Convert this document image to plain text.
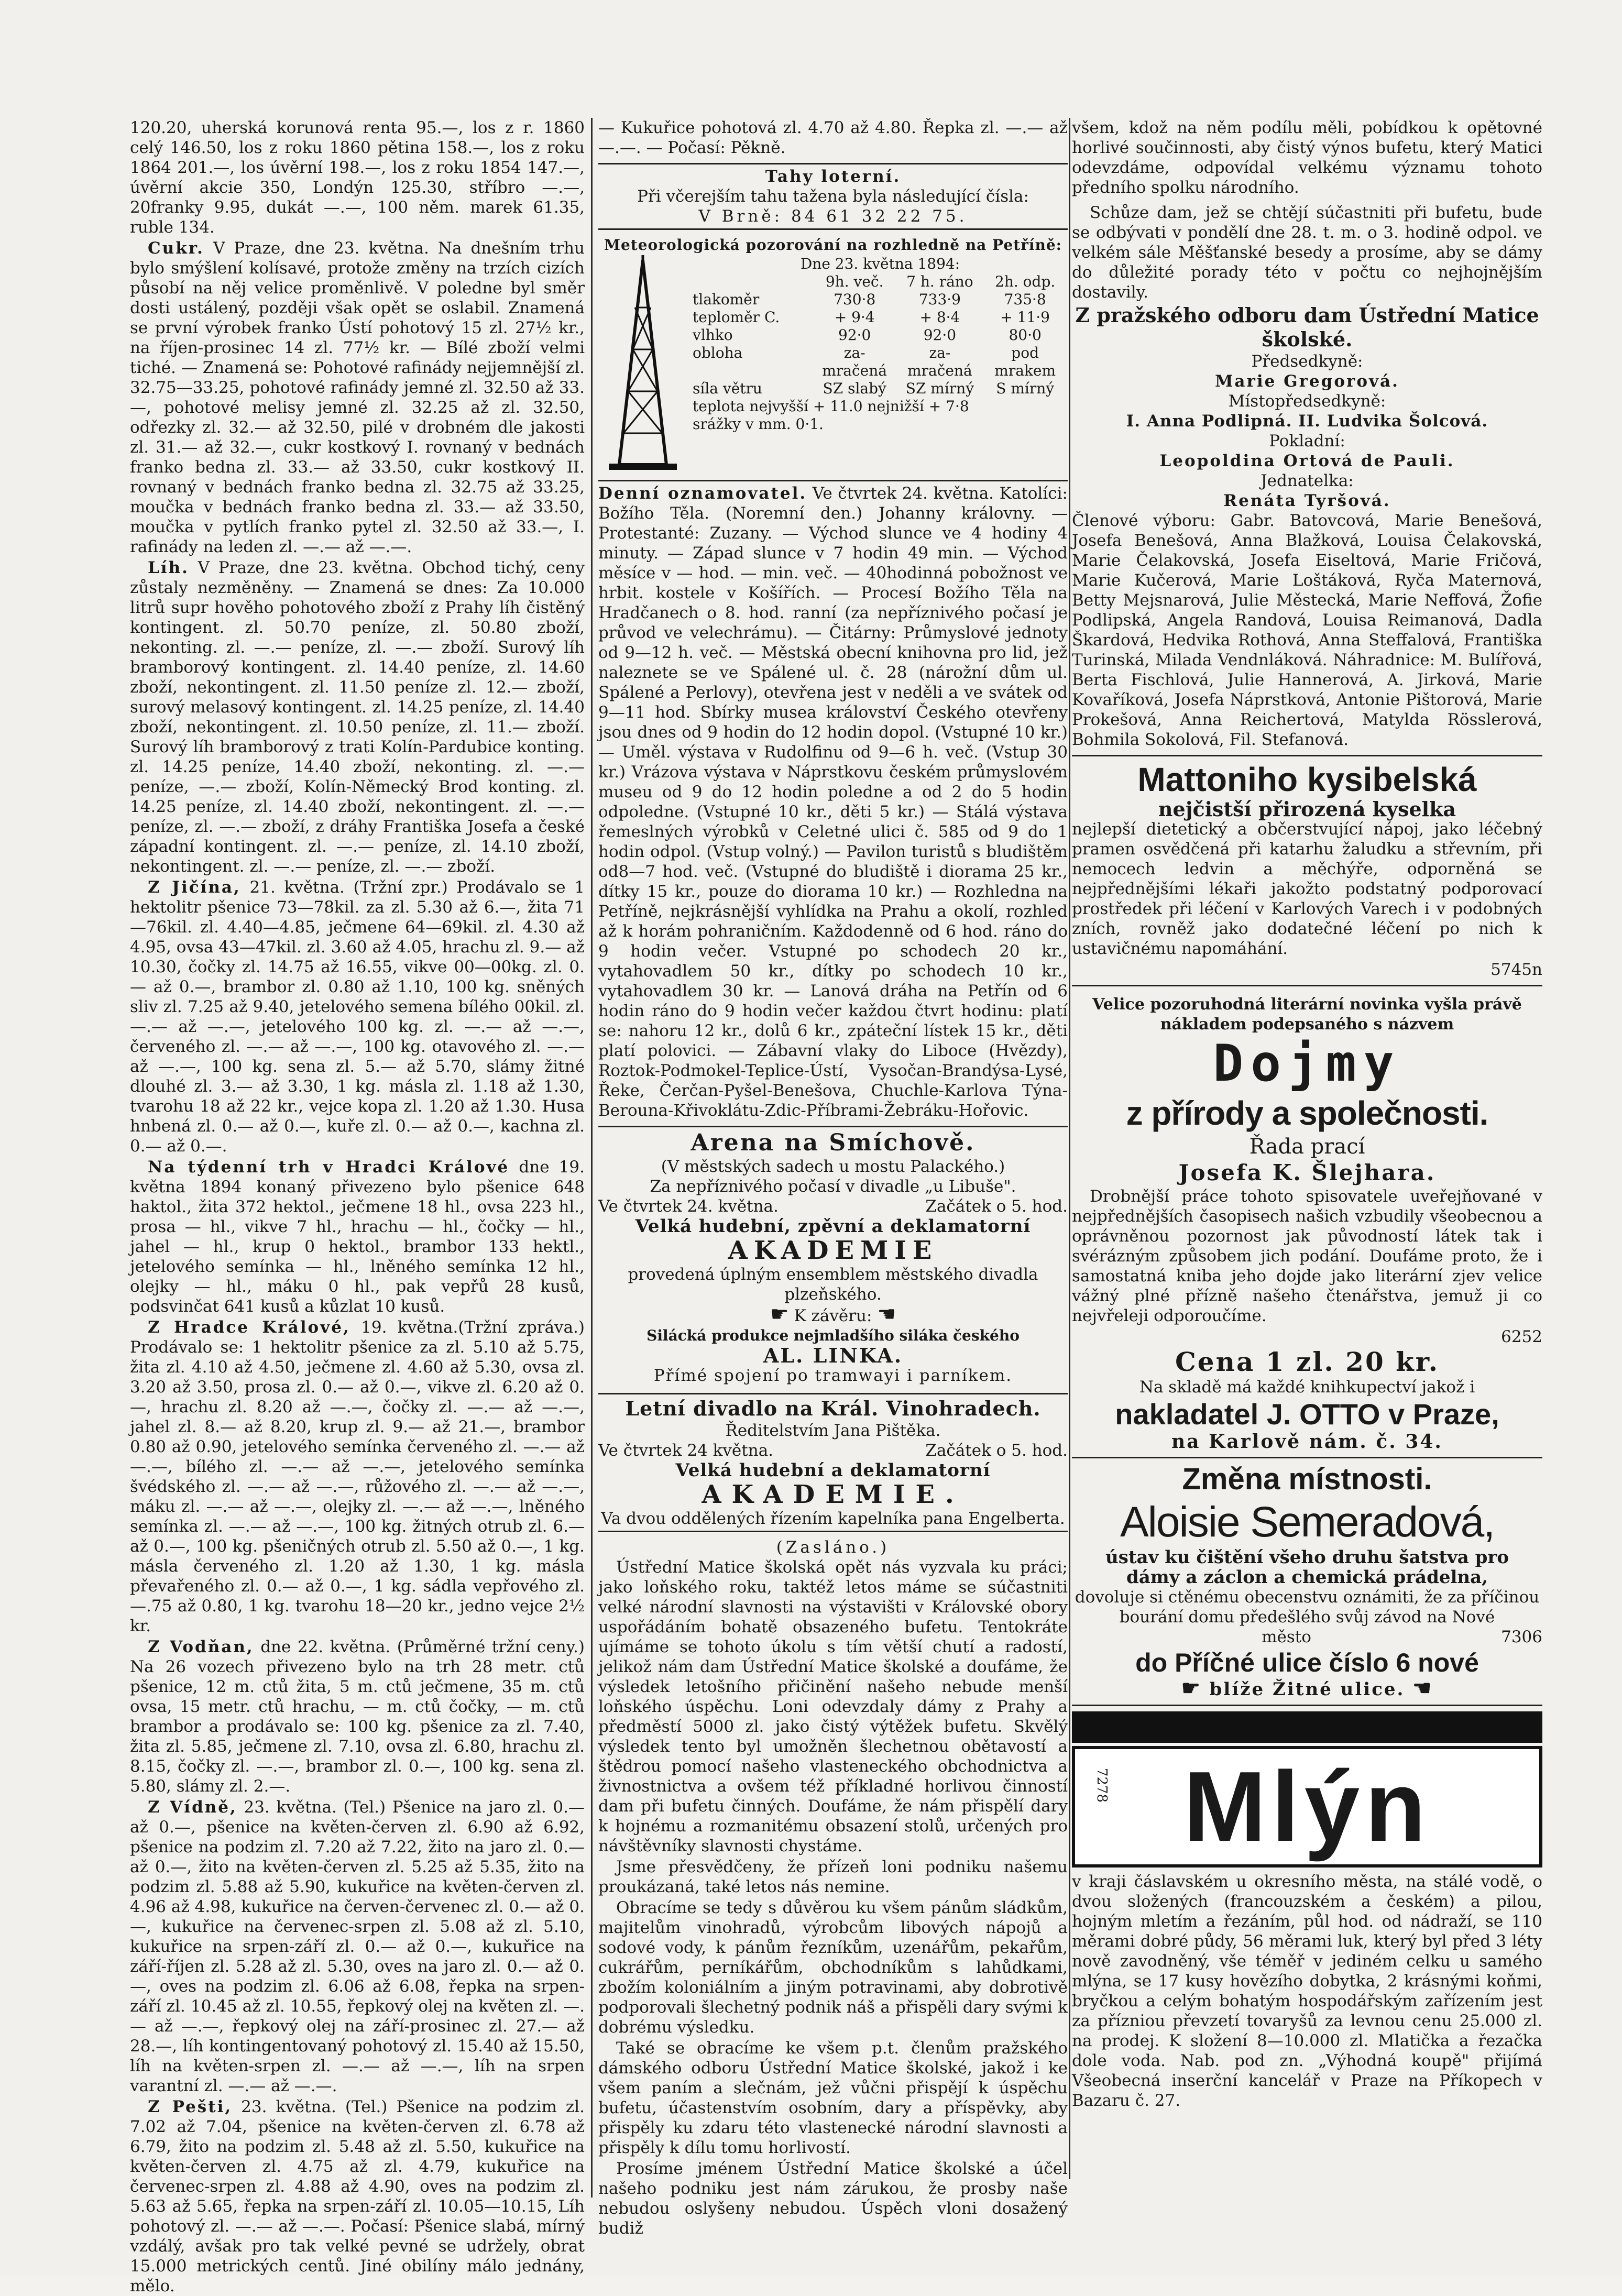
120.20, uherská korunová renta 95.—, los z r. 1860 celý 146.50, los z roku 1860 pětina 158.—, los z roku 1864 201.—, los úvěrní 198.—, los z roku 1854 147.—, úvěrní akcie 350, Londýn 125.30, stříbro —.—, 20franky 9.95, dukát —.—, 100 něm. marek 61.35, ruble 134.

Cukr. V Praze, dne 23. května. Na dnešním trhu bylo smýšlení kolísavé, protože změny na trzích cizích působí na něj velice proměnlivě. V poledne byl směr dosti ustálený, později však opět se oslabil. Znamená se první výrobek franko Ústí pohotový 15 zl. 27½ kr., na říjen-prosinec 14 zl. 77½ kr. — Bílé zboží velmi tiché. — Znamená se: Pohotové rafinády nejjemnější zl. 32.75—33.25, pohotové rafinády jemné zl. 32.50 až 33.—, pohotové melisy jemné zl. 32.25 až zl. 32.50, odřezky zl. 32.— až 32.50, pilé v drobném dle jakosti zl. 31.— až 32.—, cukr kostkový I. rovnaný v bednách franko bedna zl. 33.— až 33.50, cukr kostkový II. rovnaný v bednách franko bedna zl. 32.75 až 33.25, moučka v bednách franko bedna zl. 33.— až 33.50, moučka v pytlích franko pytel zl. 32.50 až 33.—, I. rafinády na leden zl. —.— až —.—.

Líh. V Praze, dne 23. května. Obchod tichý, ceny zůstaly nezměněny. — Znamená se dnes: Za 10.000 litrů supr hověho pohotového zboží z Prahy líh čistěný kontingent. zl. 50.70 peníze, zl. 50.80 zboží, nekonting. zl. —.— peníze, zl. —.— zboží. Surový líh bramborový kontingent. zl. 14.40 peníze, zl. 14.60 zboží, nekontingent. zl. 11.50 peníze zl. 12.— zboží, surový melasový kontingent. zl. 14.25 peníze, zl. 14.40 zboží, nekontingent. zl. 10.50 peníze, zl. 11.— zboží. Surový líh bramborový z trati Kolín-Pardubice konting. zl. 14.25 peníze, 14.40 zboží, nekonting. zl. —.— peníze, —.— zboží, Kolín-Německý Brod konting. zl. 14.25 peníze, zl. 14.40 zboží, nekontingent. zl. —.— peníze, zl. —.— zboží, z dráhy Františka Josefa a české západní kontingent. zl. —.— peníze, zl. 14.10 zboží, nekontingent. zl. —.— peníze, zl. —.— zboží.

Z Jičína, 21. května. (Tržní zpr.) Prodávalo se 1 hektolitr pšenice 73—78kil. za zl. 5.30 až 6.—, žita 71—76kil. zl. 4.40—4.85, ječmene 64—69kil. zl. 4.30 až 4.95, ovsa 43—47kil. zl. 3.60 až 4.05, hrachu zl. 9.— až 10.30, čočky zl. 14.75 až 16.55, vikve 00—00kg. zl. 0.— až 0.—, brambor zl. 0.80 až 1.10, 100 kg. sněných sliv zl. 7.25 až 9.40, jetelového semena bílého 00kil. zl. —.— až —.—, jetelového 100 kg. zl. —.— až —.—, červeného zl. —.— až —.—, 100 kg. otavového zl. —.— až —.—, 100 kg. sena zl. 5.— až 5.70, slámy žitné dlouhé zl. 3.— až 3.30, 1 kg. másla zl. 1.18 až 1.30, tvarohu 18 až 22 kr., vejce kopa zl. 1.20 až 1.30. Husa hnbená zl. 0.— až 0.—, kuře zl. 0.— až 0.—, kachna zl. 0.— až 0.—.

Na týdenní trh v Hradci Králové dne 19. května 1894 konaný přivezeno bylo pšenice 648 haktol., žita 372 hektol., ječmene 18 hl., ovsa 223 hl., prosa — hl., vikve 7 hl., hrachu — hl., čočky — hl., jahel — hl., krup 0 hektol., brambor 133 hektl., jetelového semínka — hl., lněného semínka 12 hl., olejky — hl., máku 0 hl., pak vepřů 28 kusů, podsvinčat 641 kusů a kůzlat 10 kusů.

Z Hradce Králové, 19. května.(Tržní zpráva.) Prodávalo se: 1 hektolitr pšenice za zl. 5.10 až 5.75, žita zl. 4.10 až 4.50, ječmene zl. 4.60 až 5.30, ovsa zl. 3.20 až 3.50, prosa zl. 0.— až 0.—, vikve zl. 6.20 až 0.—, hrachu zl. 8.20 až —.—, čočky zl. —.— až —.—, jahel zl. 8.— až 8.20, krup zl. 9.— až 21.—, brambor 0.80 až 0.90, jetelového semínka červeného zl. —.— až —.—, bílého zl. —.— až —.—, jetelového semínka švédského zl. —.— až —.—, růžového zl. —.— až —.—, máku zl. —.— až —.—, olejky zl. —.— až —.—, lněného semínka zl. —.— až —.—, 100 kg. žitných otrub zl. 6.— až 0.—, 100 kg. pšeničných otrub zl. 5.50 až 0.—, 1 kg. másla červeného zl. 1.20 až 1.30, 1 kg. másla převařeného zl. 0.— až 0.—, 1 kg. sádla vepřového zl. —.75 až 0.80, 1 kg. tvarohu 18—20 kr., jedno vejce 2½ kr.

Z Vodňan, dne 22. května. (Průměrné tržní ceny.) Na 26 vozech přivezeno bylo na trh 28 metr. ctů pšenice, 12 m. ctů žita, 5 m. ctů ječmene, 35 m. ctů ovsa, 15 metr. ctů hrachu, — m. ctů čočky, — m. ctů brambor a prodávalo se: 100 kg. pšenice za zl. 7.40, žita zl. 5.85, ječmene zl. 7.10, ovsa zl. 6.80, hrachu zl. 8.15, čočky zl. —.—, brambor zl. 0.—, 100 kg. sena zl. 5.80, slámy zl. 2.—.

Z Vídně, 23. května. (Tel.) Pšenice na jaro zl. 0.— až 0.—, pšenice na květen-červen zl. 6.90 až 6.92, pšenice na podzim zl. 7.20 až 7.22, žito na jaro zl. 0.— až 0.—, žito na květen-červen zl. 5.25 až 5.35, žito na podzim zl. 5.88 až 5.90, kukuřice na květen-červen zl. 4.96 až 4.98, kukuřice na červen-červenec zl. 0.— až 0.—, kukuřice na červenec-srpen zl. 5.08 až zl. 5.10, kukuřice na srpen-září zl. 0.— až 0.—, kukuřice na září-říjen zl. 5.28 až zl. 5.30, oves na jaro zl. 0.— až 0.—, oves na podzim zl. 6.06 až 6.08, řepka na srpen-září zl. 10.45 až zl. 10.55, řepkový olej na květen zl. —.— až —.—, řepkový olej na září-prosinec zl. 27.— až 28.—, líh kontingentovaný pohotový zl. 15.40 až 15.50, líh na květen-srpen zl. —.— až —.—, líh na srpen varantní zl. —.— až —.—.

Z Pešti, 23. května. (Tel.) Pšenice na podzim zl. 7.02 až 7.04, pšenice na květen-červen zl. 6.78 až 6.79, žito na podzim zl. 5.48 až zl. 5.50, kukuřice na květen-červen zl. 4.75 až zl. 4.79, kukuřice na červenec-srpen zl. 4.88 až 4.90, oves na podzim zl. 5.63 až 5.65, řepka na srpen-září zl. 10.05—10.15, Líh pohotový zl. —.— až —.—. Počasí: Pšenice slabá, mírný vzdálý, avšak pro tak velké pevné se udržely, obrat 15.000 metrických centů. Jiné obilíny málo jednány, mělo.

— Kukuřice pohotová zl. 4.70 až 4.80. Řepka zl. —.— až —.—. — Počasí: Pěkně.

Tahy loterní.
Při včerejším tahu tažena byla následující čísla:
V Brně: 84 61 32 22 75.
Meteorologická pozorování na rozhledně na Petříně:
Dne 23. května 1894:
9h. več.	7 h. ráno	2h. odp.
tlakoměr	730·8	733·9	735·8
teploměr C.	+ 9·4	+ 8·4	+ 11·9
vlhko	92·0	92·0	80·0
obloha	za-	za-	pod
mračená	mračená	mrakem
síla větru	SZ slabý	SZ mírný	S mírný
teplota nejvyšší + 11.0 nejnižší + 7·8
srážky v mm. 0·1.

Denní oznamovatel. Ve čtvrtek 24. května. Katolíci: Božího Těla. (Noremní den.) Johanny královny. — Protestanté: Zuzany. — Východ slunce ve 4 hodiny 4 minuty. — Západ slunce v 7 hodin 49 min. — Východ měsíce v — hod. — min. več. — 40hodinná pobožnost ve hrbit. kostele v Košířích. — Procesí Božího Těla na Hradčanech o 8. hod. ranní (za nepříznivého počasí je průvod ve velechrámu). — Čitárny: Průmyslové jednoty od 9—12 h. več. — Městská obecní knihovna pro lid, jež naleznete se ve Spálené ul. č. 28 (nárožní dům ul. Spálené a Perlovy), otevřena jest v neděli a ve svátek od 9—11 hod. Sbírky musea království Českého otevřeny jsou dnes od 9 hodin do 12 hodin dopol. (Vstupné 10 kr.) — Uměl. výstava v Rudolfinu od 9—6 h. več. (Vstup 30 kr.) Vrázova výstava v Náprstkovu českém průmyslovém museu od 9 do 12 hodin poledne a od 2 do 5 hodin odpoledne. (Vstupné 10 kr., děti 5 kr.) — Stálá výstava řemeslných výrobků v Celetné ulici č. 585 od 9 do 1 hodin odpol. (Vstup volný.) — Pavilon turistů s bludištěm od8—7 hod. več. (Vstupné do bludiště i diorama 25 kr., dítky 15 kr., pouze do diorama 10 kr.) — Rozhledna na Petříně, nejkrásnější vyhlídka na Prahu a okolí, rozhled až k horám pohraničním. Každodenně od 6 hod. ráno do 9 hodin večer. Vstupné po schodech 20 kr., vytahovadlem 50 kr., dítky po schodech 10 kr., vytahovadlem 30 kr. — Lanová dráha na Petřín od 6 hodin ráno do 9 hodin večer každou čtvrt hodinu: platí se: nahoru 12 kr., dolů 6 kr., zpáteční lístek 15 kr., děti platí polovici. — Zábavní vlaky do Liboce (Hvězdy), Roztok-Podmokel-Teplice-Ústí, Vysočan-Brandýsa-Lysé, Řeke, Čerčan-Pyšel-Benešova, Chuchle-Karlova Týna-Berouna-Křivoklátu-Zdic-Příbrami-Žebráku-Hořovic.

Arena na Smíchově.
(V městských sadech u mostu Palackého.)
Za nepříznivého počasí v divadle „u Libuše".
Ve čtvrtek 24. května.	Začátek o 5. hod.
Velká hudební, zpěvní a deklamatorní
AKADEMIE
provedená úplným ensemblem městského divadla plzeňského.
☛ K závěru: ☚
Silácká produkce nejmladšího siláka českého
AL. LINKA.
Přímé spojení po tramwayi i parníkem.
Letní divadlo na Král. Vinohradech.
Ředitelstvím Jana Pištěka.
Ve čtvrtek 24 května.	Začátek o 5. hod.
Velká hudební a deklamatorní
AKADEMIE.
Va dvou oddělených řízením kapelníka pana Engelberta.
(Zasláno.)

Ústřední Matice školská opět nás vyzvala ku práci; jako loňského roku, taktéž letos máme se súčastniti velké národní slavnosti na výstavišti v Královské obory uspořádáním bohatě obsazeného bufetu. Tentokráte ujímáme se tohoto úkolu s tím větší chutí a radostí, jelikož nám dam Ústřední Matice školské a doufáme, že výsledek letošního přičinění našeho nebude menší loňského úspěchu. Loni odevzdaly dámy z Prahy a předměstí 5000 zl. jako čistý výtěžek bufetu. Skvělý výsledek tento byl umožněn šlechetnou obětavostí a štědrou pomocí našeho vlasteneckého obchodnictva a živnostnictva a ovšem též příkladné horlivou činností dam při bufetu činných. Doufáme, že nám přispělí dary k hojnému a rozmanitému obsazení stolů, určených pro návštěvníky slavnosti chystáme.

Jsme přesvědčeny, že přízeň loni podniku našemu proukázaná, také letos nás nemine.

Obracíme se tedy s důvěrou ku všem pánům sládkům, majitelům vinohradů, výrobcům libových nápojů a sodové vody, k pánům řezníkům, uzenářům, pekařům, cukrářům, perníkářům, obchodníkům s lahůdkami, zbožím koloniálním a jiným potravinami, aby dobrotivě podporovali šlechetný podnik náš a přispěli dary svými k dobrému výsledku.

Také se obracíme ke všem p.t. členům pražského dámského odboru Ústřední Matice školské, jakož i ke všem paním a slečnám, jež vůčni přispějí k úspěchu bufetu, účastenstvím osobním, dary a příspěvky, aby přispěly ku zdaru této vlastenecké národní slavnosti a přispěly k dílu tomu horlivostí.

Prosíme jménem Ústřední Matice školské a účel našeho podniku jest nám zárukou, že prosby naše nebudou oslyšeny nebudou. Úspěch vloni dosažený budiž

všem, kdož na něm podílu měli, pobídkou k opětovné horlivé součinnosti, aby čistý výnos bufetu, který Matici odevzdáme, odpovídal velkému významu tohoto předního spolku národního.

Schůze dam, jež se chtějí súčastniti při bufetu, bude se odbývati v pondělí dne 28. t. m. o 3. hodině odpol. ve velkém sále Měšťanské besedy a prosíme, aby se dámy do důležité porady této v počtu co nejhojnějším dostavily.

Z pražského odboru dam Ústřední Matice školské.
Předsedkyně:
Marie Gregorová.
Místopředsedkyně:
I. Anna Podlipná. II. Ludvika Šolcová.
Pokladní:
Leopoldina Ortová de Pauli.
Jednatelka:
Renáta Tyršová.

Členové výboru: Gabr. Batovcová, Marie Benešová, Josefa Benešová, Anna Blažková, Louisa Čelakovská, Marie Čelakovská, Josefa Eiseltová, Marie Fričová, Marie Kučerová, Marie Loštáková, Ryča Maternová, Betty Mejsnarová, Julie Městecká, Marie Neffová, Žofie Podlipská, Angela Randová, Louisa Reimanová, Dadla Škardová, Hedvika Rothová, Anna Steffalová, Františka Turinská, Milada Vendnláková. Náhradnice: M. Bulířová, Berta Fischlová, Julie Hannerová, A. Jirková, Marie Kovaříková, Josefa Náprstková, Antonie Pištorová, Marie Prokešová, Anna Reichertová, Matylda Rösslerová, Bohmila Sokolová, Fil. Stefanová.

Mattoniho kysibelská
nejčistší přirozená kyselka

nejlepší dietetický a občerstvující nápoj, jako léčebný pramen osvědčená při katarhu žaludku a střevním, při nemocech ledvin a měchýře, odporněná se nejpřednějšími lékaři jakožto podstatný podporovací prostředek při léčení v Karlových Varech i v podobných zních, rovněž jako dodatečné léčení po nich k ustavičnému napomáhání.

5745n
Velice pozoruhodná literární novinka vyšla právě nákladem podepsaného s názvem
Dojmy
z přírody a společnosti.
Řada prací
Josefa K. Šlejhara.

Drobnější práce tohoto spisovatele uveřejňované v nejpřednějších časopisech našich vzbudily všeobecnou a oprávněnou pozornost jak původností látek tak i svérázným způsobem jich podání. Doufáme proto, že i samostatná kniba jeho dojde jako literární zjev velice vážný plné přízně našeho čtenářstva, jemuž ji co nejvřeleji odporoučíme.

6252
Cena 1 zl. 20 kr.
Na skladě má každé knihkupectví jakož i
nakladatel J. OTTO v Praze,
na Karlově nám. č. 34.
Změna místnosti.
Aloisie Semeradová,
ústav ku čištění všeho druhu šatstva pro
dámy a záclon a chemická prádelna,
dovoluje si ctěnému obecenstvu oznámiti, že za příčinou bourání domu předešlého svůj závod na Nové
město	7306
do Příčné ulice číslo 6 nové
☛ blíže Žitné ulice. ☚
7278 Mlýn

v kraji čáslavském u okresního města, na stálé vodě, o dvou složených (francouzském a českém) a pilou, hojným mletím a řezáním, půl hod. od nádraží, se 110 měrami dobré půdy, 56 měrami luk, který byl před 3 léty nově zavodněný, vše téměř v jediném celku u samého mlýna, se 17 kusy hovězího dobytka, 2 krásnými koňmi, bryčkou a celým bohatým hospodářským zařízením jest za přízniou převzetí tovaryšů za levnou cenu 25.000 zl. na prodej. K složení 8—10.000 zl. Mlatička a řezačka dole voda. Nab. pod zn. „Výhodná koupě" přijímá Všeobecná inserční kancelář v Praze na Příkopech v Bazaru č. 27.
